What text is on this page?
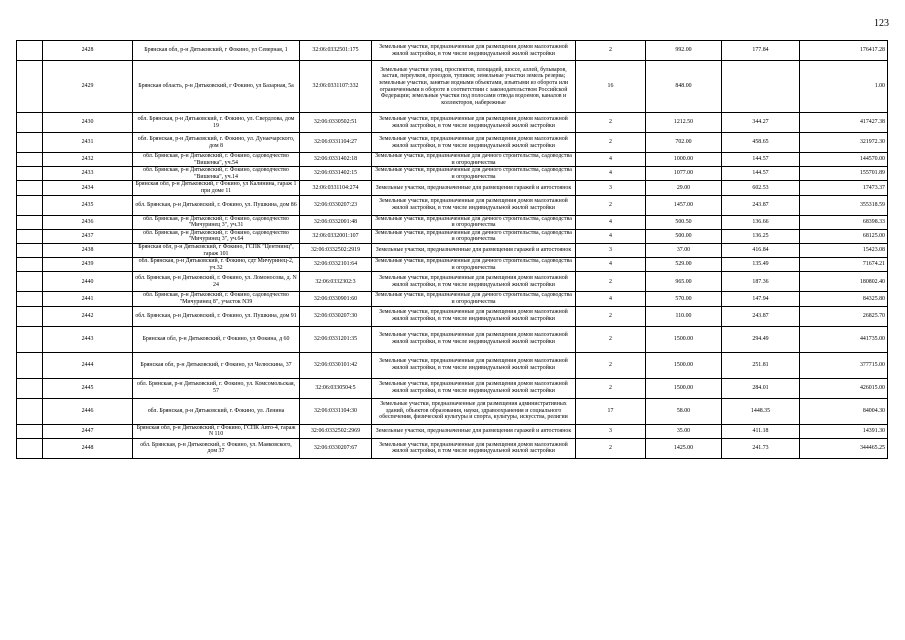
123
	2428	Брянская обл, р-н Дятьковский, г Фокино, ул Северная, 1	32:06:0332501:175	Земельные участки, предназначенные для размещения домов малоэтажной жилой застройки, в том числе индивидуальной жилой застройки	2	992.00	177.84	176417.28
	2429	Брянская область, р-н Дятьковский, г Фокино, ул Базарная, 5а	32:06:0331107:332	Земельные участки улиц, проспектов, площадей, шоссе, аллей, бульваров, застав, переулков, проездов, тупиков; земельные участки земель резерва; земельные участки, занятые водными объектами, изъятыми из оборота или ограниченными в обороте в соответствии с законодательством Российской Федерации; земельные участки под полосами отвода водоемов, каналов и коллекторов, набережные	16	848.00		1.00
	2430	обл. Брянская, р-н Дятьковский, г. Фокино, ул. Свердлова, дом 19	32:06:0330502:51	Земельные участки, предназначенные для размещения домов малоэтажной жилой застройки, в том числе индивидуальной жилой застройки	2	1212.50	344.27	417427.38
	2431	обл. Брянская, р-н Дятьковский, г. Фокино, ул. Дунаечарского, дом 8	32:06:0331104:27	Земельные участки, предназначенные для размещения домов малоэтажной жилой застройки, в том числе индивидуальной жилой застройки	2	702.00	458.65	321972.30
	2432	обл. Брянская, р-н Дятьковский, г. Фокино, садоводчество "Вишенка", уч.54	32:06:0331402:18	Земельные участки, предназначенные для дачного строительства, садоводства и огородничества	4	1000.00	144.57	144570.00
	2433	обл. Брянская, р-н Дятьковский, г. Фокино, садоводчество "Вишенка", уч.14	32:06:0331402:15	Земельные участки, предназначенные для дачного строительства, садоводства и огородничества	4	1077.00	144.57	155701.89
	2434	Брянская обл, р-н Дятьковский, г Фокино, ул Калинина, гараж 1 при доме 11	32:06:0331104:274	Земельные участки, предназначенные для размещения гаражей и автостоянок	3	29.00	602.53	17473.37
	2435	обл. Брянская, р-н Дятьковский, г. Фокино, ул. Пушкина, дом 86	32:06:0330207:23	Земельные участки, предназначенные для размещения домов малоэтажной жилой застройки, в том числе индивидуальной жилой застройки	2	1457.00	243.87	355318.59
	2436	обл. Брянская, р-н Дятьковский, г. Фокино, садоводчество "Мичуринец 3", уч.31	32:06:0332001:48	Земельные участки, предназначенные для дачного строительства, садоводства и огородничества	4	500.50	136.66	68398.33
	2437	обл. Брянская, р-н Дятьковский, г. Фокино, садоводчество "Мичуринец 3", уч.64	32:06:0332001:107	Земельные участки, предназначенные для дачного строительства, садоводства и огородничества	4	500.00	136.25	68125.00
	2438	Брянская обл, р-н Дятьковский, г Фокино, ГСПК "Центнинц", гараж 101	32:06:0332502:2919	Земельные участки, предназначенные для размещения гаражей и автостоянок	3	37.00	416.84	15423.08
	2439	обл. Брянская, р-н Дятьковский, г. Фокино, сдт Мичуринец-2, уч.32	32:06:0332101:64	Земельные участки, предназначенные для дачного строительства, садоводства и огородничества	4	529.00	135.49	71674.21
	2440	обл. Брянская, р-н Дятьковский, г. Фокино, ул. Ломоносова, д. N 24	32:06:0332302:3	Земельные участки, предназначенные для размещения домов малоэтажной жилой застройки, в том числе индивидуальной жилой застройки	2	965.00	187.36	180802.40
	2441	обл. Брянская, р-н Дятьковский, г. Фокино, садоводчество "Мичуринец 8", участок N39	32:06:0330901:60	Земельные участки, предназначенные для дачного строительства, садоводства и огородничества	4	570.00	147.94	84325.80
	2442	обл. Брянская, р-н Дятьковский, г. Фокино, ул. Пушкина, дом 91	32:06:0330207:30	Земельные участки, предназначенные для размещения домов малоэтажной жилой застройки, в том числе индивидуальной жилой застройки	2	110.00	243.87	26825.70
	2443	Брянская обл, р-н Дятьковский, г Фокино, ул Фокина, д 60	32:06:0331201:35	Земельные участки, предназначенные для размещения домов малоэтажной жилой застройки, в том числе индивидуальной жилой застройки	2	1500.00	294.49	441735.00
	2444	Брянская обл, р-н Дятьковский, г Фокино, ул Челюскина, 37	32:06:0330101:42	Земельные участки, предназначенные для размещения домов малоэтажной жилой застройки, в том числе индивидуальной жилой застройки	2	1500.00	251.81	377715.00
	2445	обл. Брянская, р-н Дятьковский, г. Фокино, ул. Комсомольская, 57	32:06:0330504:5	Земельные участки, предназначенные для размещения домов малоэтажной жилой застройки, в том числе индивидуальной жилой застройки	2	1500.00	284.01	426015.00
	2446	обл. Брянская, р-н Дятьковский, г. Фокино, ул. Ленина	32:06:0331104:30	Земельные участки, предназначенные для размещения административных зданий, объектов образования, науки, здравоохранения и социального обеспечения, физической культуры и спорта, культуры, искусства, религии	17	58.00	1448.35	84004.30
	2447	Брянская обл, р-н Дятьковский, г Фокино, ГСПК Авто-4, гараж N 110	32:06:0332502:2969	Земельные участки, предназначенные для размещения гаражей и автостоянок	3	35.00	411.18	14391.30
	2448	обл. Брянская, р-н Дятьковский, г. Фокино, ул. Маяковского, дом 37	32:06:0330207:67	Земельные участки, предназначенные для размещения домов малоэтажной жилой застройки, в том числе индивидуальной жилой застройки	2	1425.00	241.73	344465.25
